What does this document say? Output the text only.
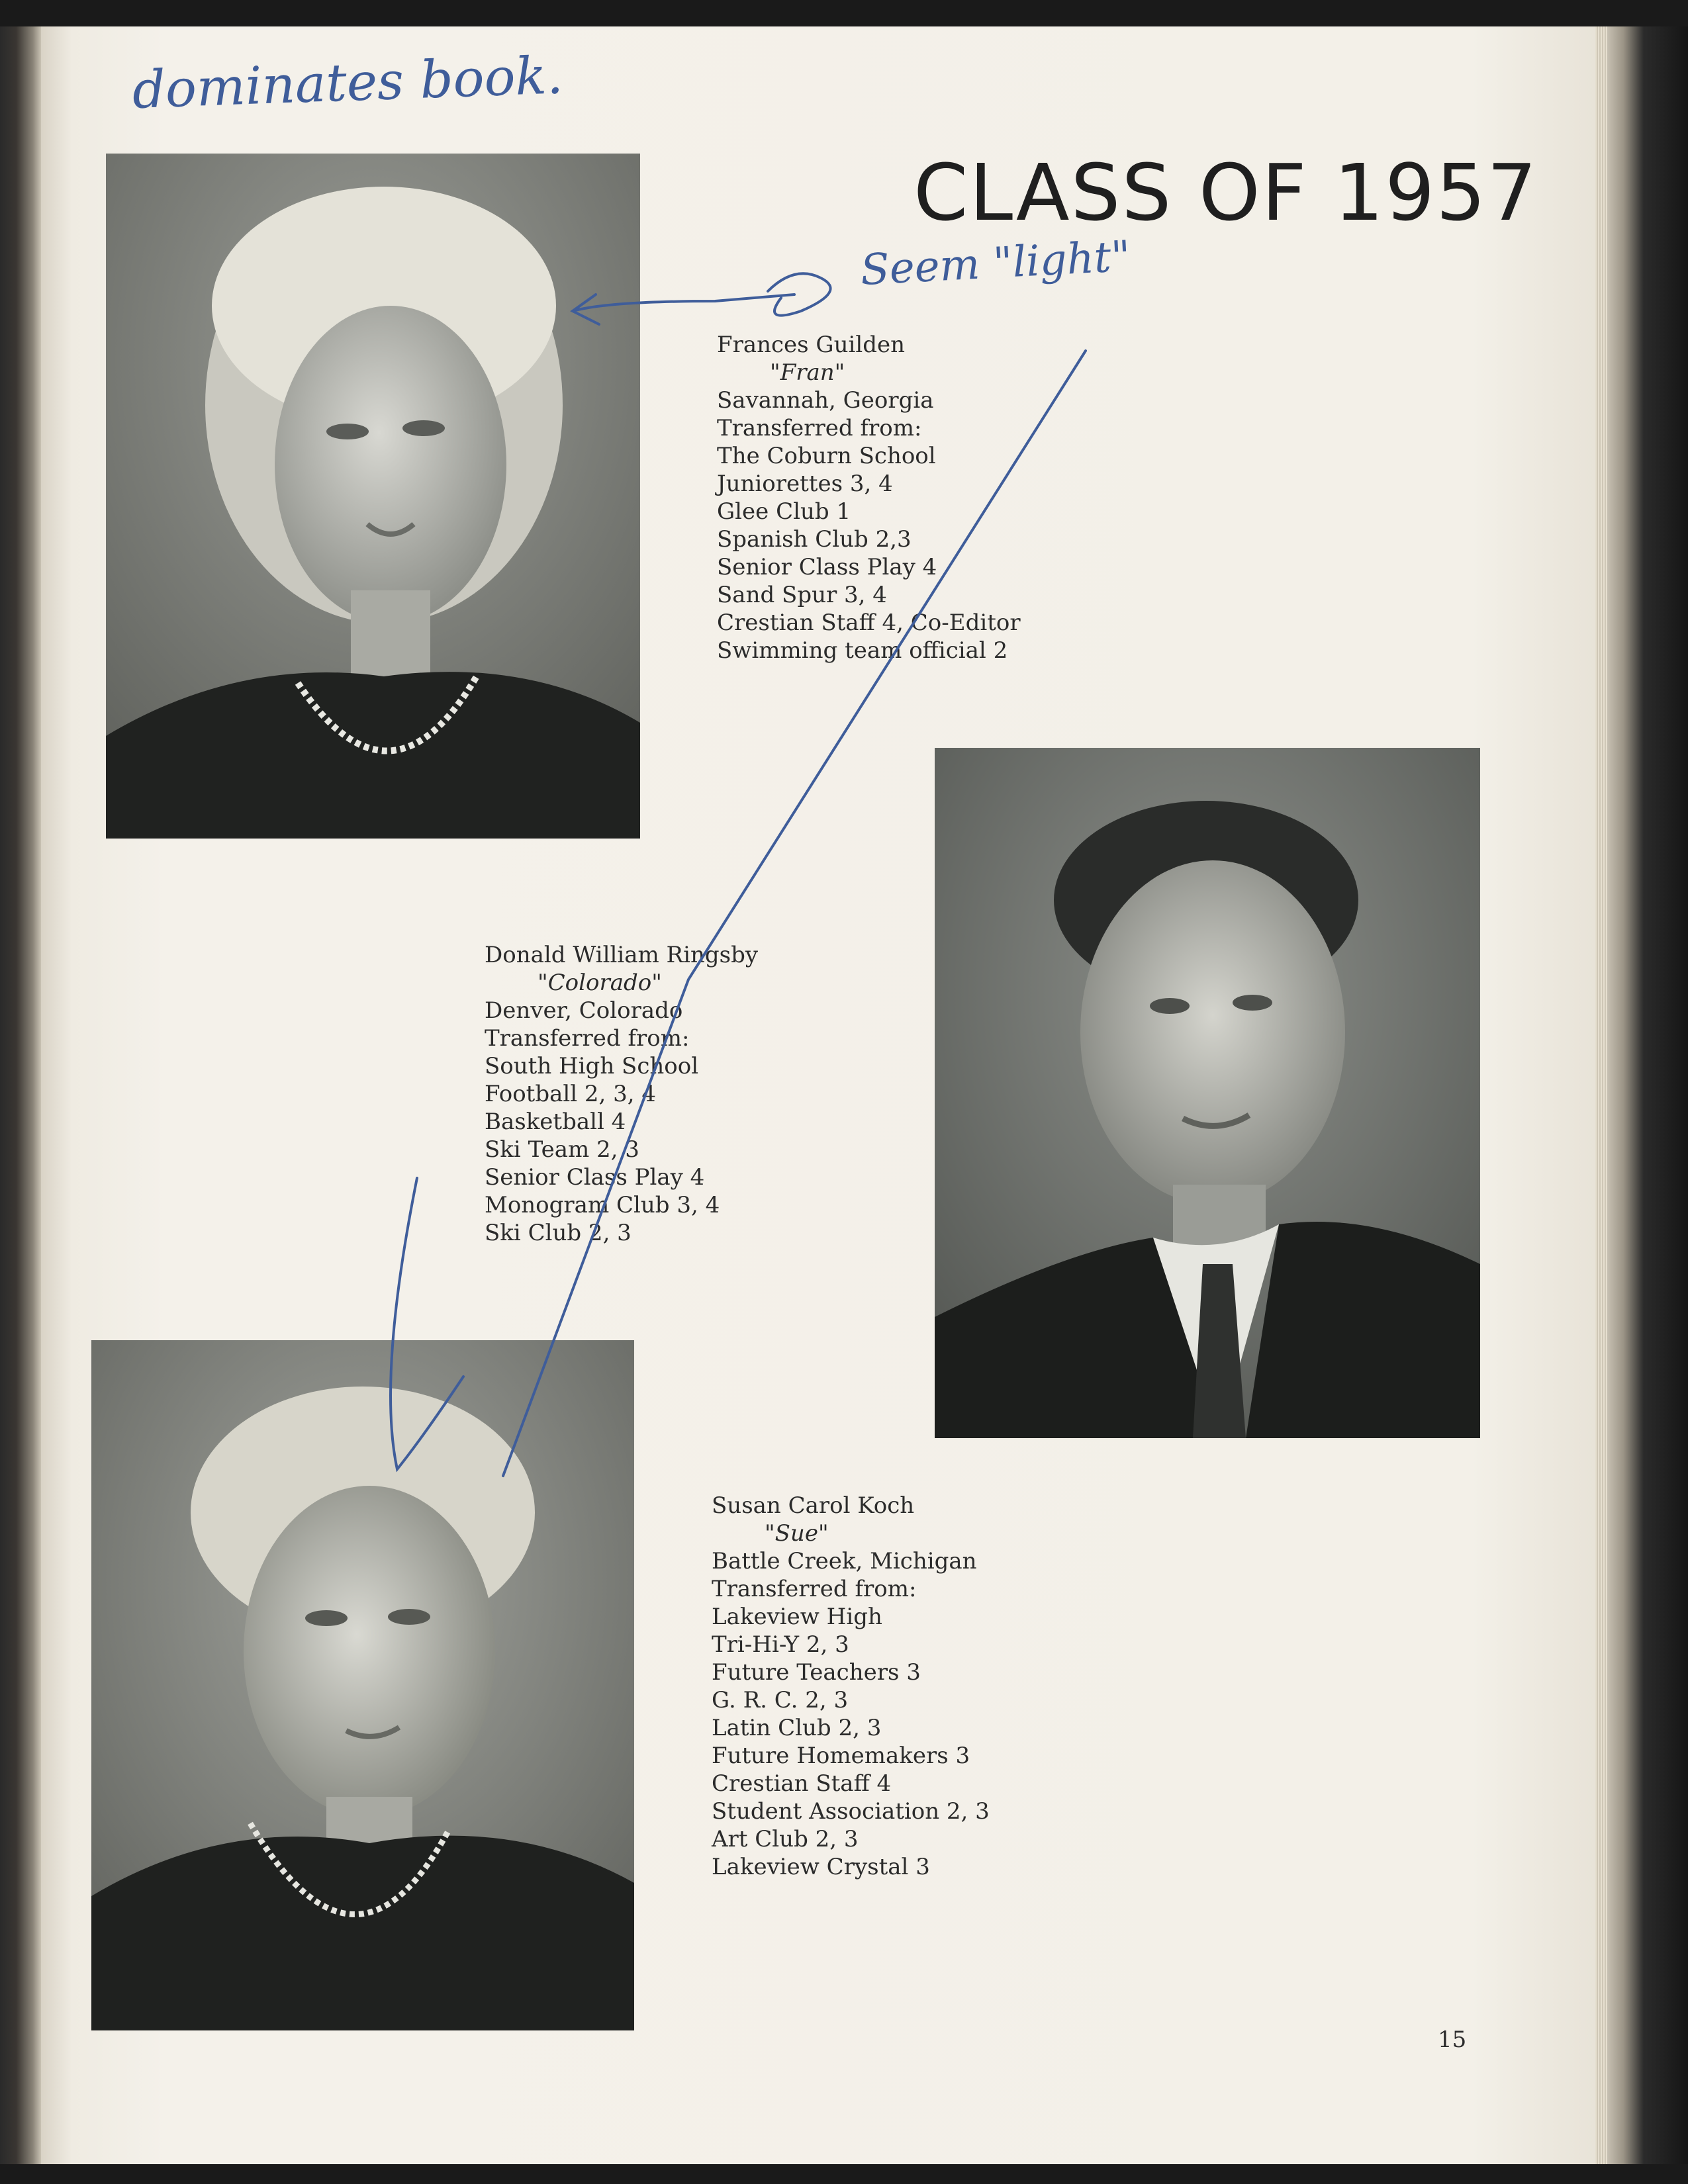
CLASS OF 1957
Frances Guilden
"Fran"
Savannah, Georgia
Transferred from:
The Coburn School
Juniorettes 3, 4
Glee Club 1
Spanish Club 2,3
Senior Class Play 4
Sand Spur 3, 4
Crestian Staff 4, Co-Editor
Swimming team official 2
Donald William Ringsby
"Colorado"
Denver, Colorado
Transferred from:
South High School
Football 2, 3, 4
Basketball 4
Ski Team 2, 3
Senior Class Play 4
Monogram Club 3, 4
Ski Club 2, 3
Susan Carol Koch
"Sue"
Battle Creek, Michigan
Transferred from:
Lakeview High
Tri-Hi-Y 2, 3
Future Teachers 3
G. R. C. 2, 3
Latin Club 2, 3
Future Homemakers 3
Crestian Staff 4
Student Association 2, 3
Art Club 2, 3
Lakeview Crystal 3
15
dominates book.
Seem "light"
